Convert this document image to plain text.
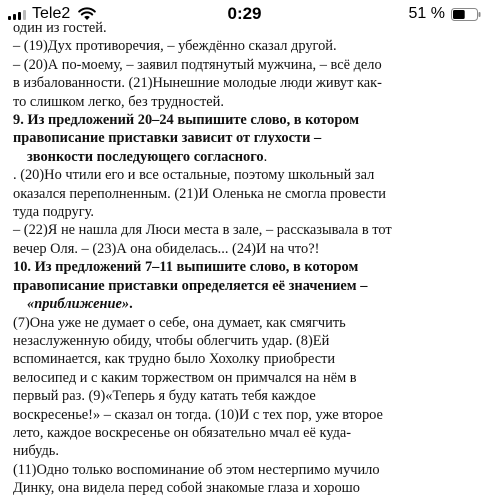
Tele2	0:29	51 %

один из гостей.

– (19)Дух противоречия, – убеждённо сказал другой.

– (20)А по-моему, – заявил подтянутый мужчина, – всё дело

в избалованности. (21)Нынешние молодые люди живут как-

то слишком легко, без трудностей.

9. Из предложений 20–24 выпишите слово, в котором

правописание приставки зависит от глухости –

звонкости последующего согласного.

. (20)Но чтили его и все остальные, поэтому школьный зал

оказался переполненным. (21)И Оленька не смогла провести

туда подругу.

– (22)Я не нашла для Люси места в зале, – рассказывала в тот

вечер Оля. – (23)А она обиделась... (24)И на что?!

10. Из предложений 7–11 выпишите слово, в котором

правописание приставки определяется её значением –

«приближение».

(7)Она уже не думает о себе, она думает, как смягчить

незаслуженную обиду, чтобы облегчить удар. (8)Ей

вспоминается, как трудно было Хохолку приобрести

велосипед и с каким торжеством он примчался на нём в

первый раз. (9)«Теперь я буду катать тебя каждое

воскресенье!» – сказал он тогда. (10)И с тех пор, уже второе

лето, каждое воскресенье он обязательно мчал её куда-

нибудь.

(11)Одно только воспоминание об этом нестерпимо мучило

Динку, она видела перед собой знакомые глаза и хорошо
